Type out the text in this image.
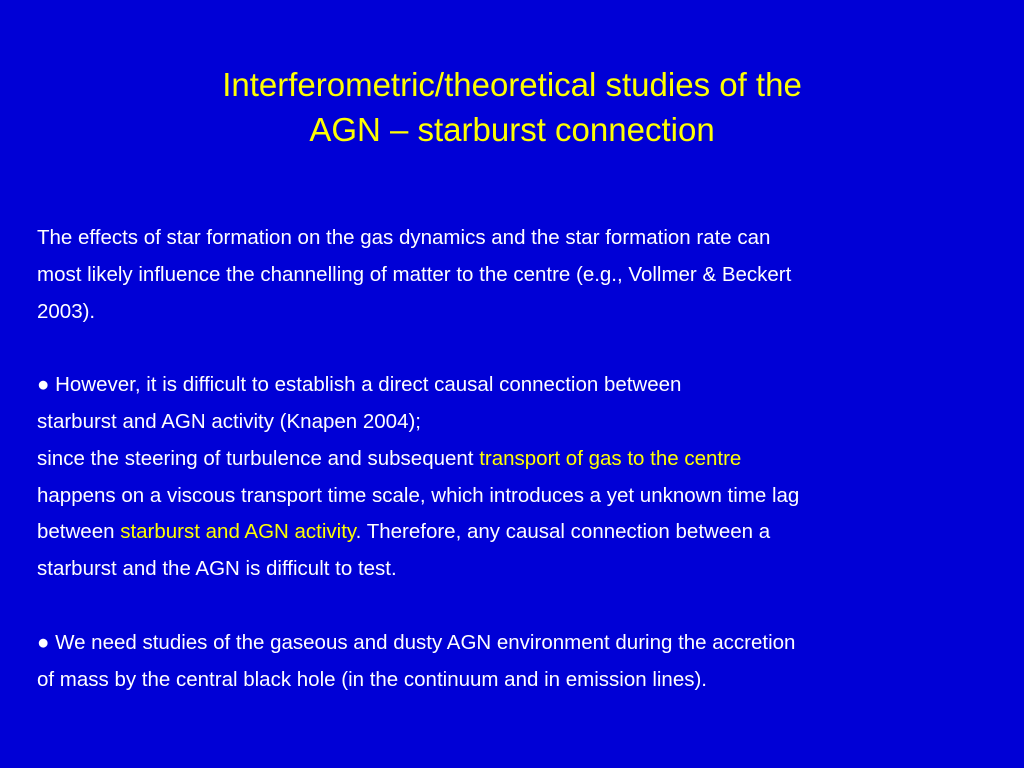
Interferometric/theoretical studies of the
AGN – starburst connection

The effects of star formation on the gas dynamics and the star formation rate can
most likely influence the channelling of matter to the centre (e.g., Vollmer & Beckert
2003).

● However, it is difficult to establish a direct causal connection between
starburst and AGN activity (Knapen 2004);
since the steering of turbulence and subsequent transport of gas to the centre
happens on a viscous transport time scale, which introduces a yet unknown time lag
between starburst and AGN activity. Therefore, any causal connection between a
starburst and the AGN is difficult to test.

● We need studies of the gaseous and dusty AGN environment during the accretion
of mass by the central black hole (in the continuum and in emission lines).
